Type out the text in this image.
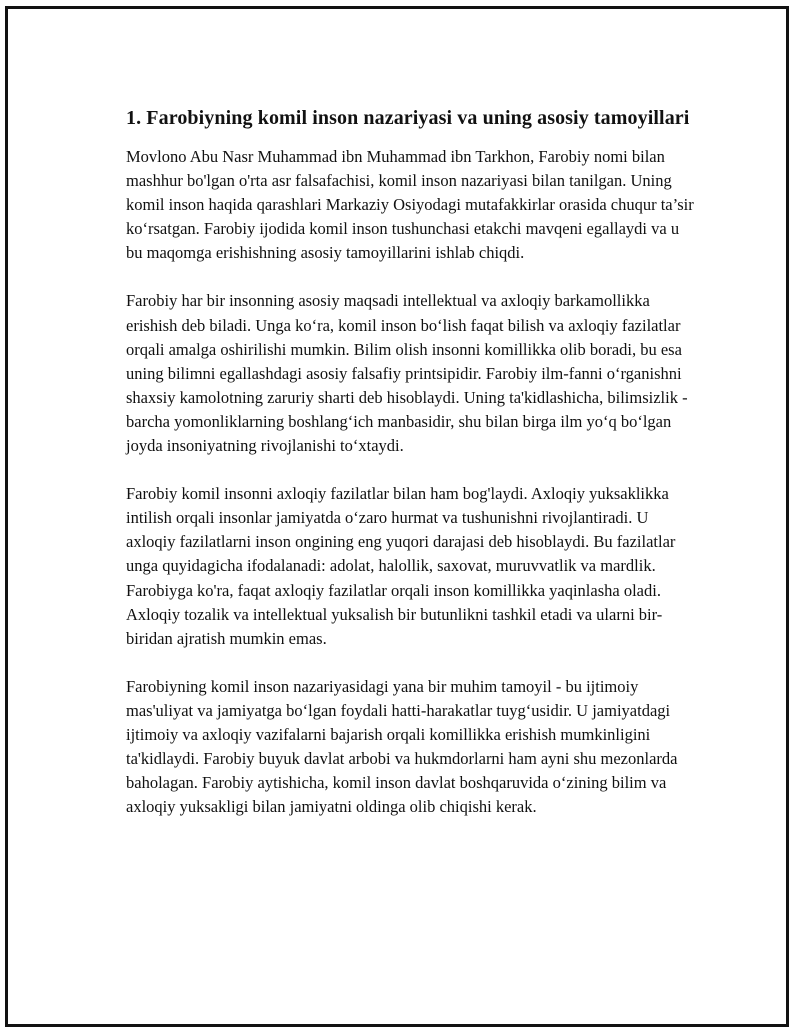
1. Farobiyning komil inson nazariyasi va uning asosiy tamoyillari

Movlono Abu Nasr Muhammad ibn Muhammad ibn Tarkhon, Farobiy nomi bilan mashhur bo'lgan o'rta asr falsafachisi, komil inson nazariyasi bilan tanilgan. Uning komil inson haqida qarashlari Markaziy Osiyodagi mutafakkirlar orasida chuqur ta’sir ko‘rsatgan. Farobiy ijodida komil inson tushunchasi etakchi mavqeni egallaydi va u bu maqomga erishishning asosiy tamoyillarini ishlab chiqdi.

Farobiy har bir insonning asosiy maqsadi intellektual va axloqiy barkamollikka erishish deb biladi. Unga ko‘ra, komil inson bo‘lish faqat bilish va axloqiy fazilatlar orqali amalga oshirilishi mumkin. Bilim olish insonni komillikka olib boradi, bu esa uning bilimni egallashdagi asosiy falsafiy printsipidir. Farobiy ilm-fanni o‘rganishni shaxsiy kamolotning zaruriy sharti deb hisoblaydi. Uning ta'kidlashicha, bilimsizlik - barcha yomonliklarning boshlang‘ich manbasidir, shu bilan birga ilm yo‘q bo‘lgan joyda insoniyatning rivojlanishi to‘xtaydi.

Farobiy komil insonni axloqiy fazilatlar bilan ham bog'laydi. Axloqiy yuksaklikka intilish orqali insonlar jamiyatda o‘zaro hurmat va tushunishni rivojlantiradi. U axloqiy fazilatlarni inson ongining eng yuqori darajasi deb hisoblaydi. Bu fazilatlar unga quyidagicha ifodalanadi: adolat, halollik, saxovat, muruvvatlik va mardlik. Farobiyga ko'ra, faqat axloqiy fazilatlar orqali inson komillikka yaqinlasha oladi. Axloqiy tozalik va intellektual yuksalish bir butunlikni tashkil etadi va ularni bir-biridan ajratish mumkin emas.

Farobiyning komil inson nazariyasidagi yana bir muhim tamoyil - bu ijtimoiy mas'uliyat va jamiyatga bo‘lgan foydali hatti-harakatlar tuyg‘usidir. U jamiyatdagi ijtimoiy va axloqiy vazifalarni bajarish orqali komillikka erishish mumkinligini ta'kidlaydi. Farobiy buyuk davlat arbobi va hukmdorlarni ham ayni shu mezonlarda baholagan. Farobiy aytishicha, komil inson davlat boshqaruvida o‘zining bilim va axloqiy yuksakligi bilan jamiyatni oldinga olib chiqishi kerak.
